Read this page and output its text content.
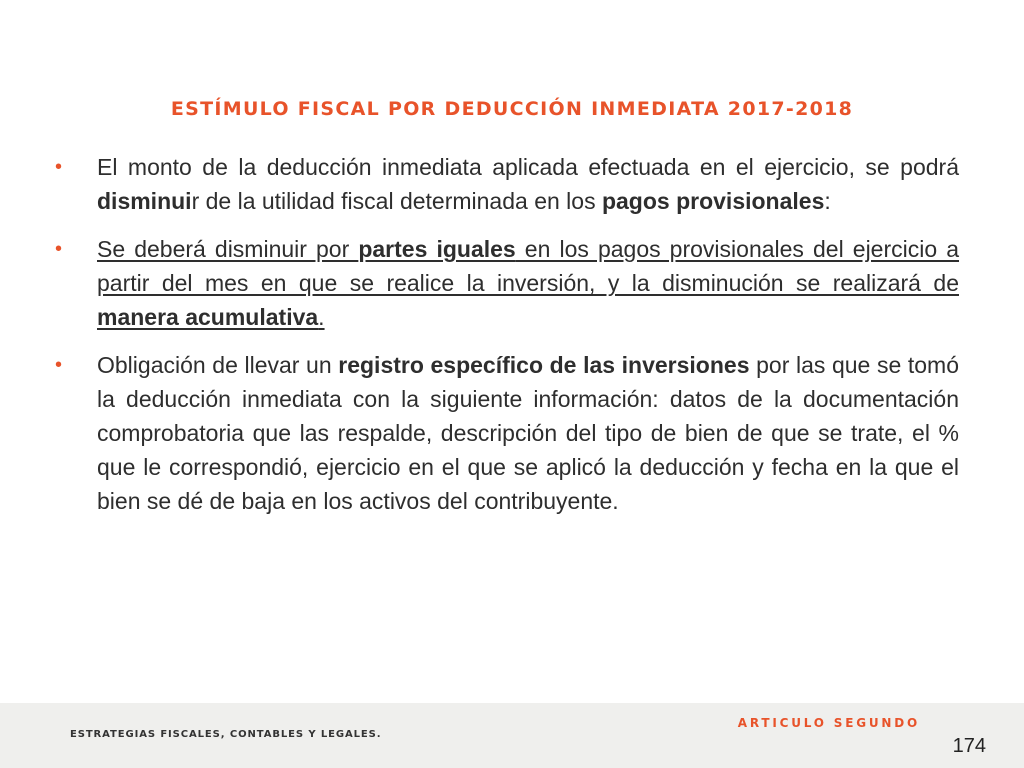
ESTÍMULO FISCAL POR DEDUCCIÓN INMEDIATA 2017-2018
• El monto de la deducción inmediata aplicada efectuada en el ejercicio, se podrá disminuir de la utilidad fiscal determinada en los pagos provisionales:
• Se deberá disminuir por partes iguales en los pagos provisionales del ejercicio a partir del mes en que se realice la inversión, y la disminución se realizará de manera acumulativa.
• Obligación de llevar un registro específico de las inversiones por las que se tomó la deducción inmediata con la siguiente información: datos de la documentación comprobatoria que las respalde, descripción del tipo de bien de que se trate, el % que le correspondió, ejercicio en el que se aplicó la deducción y fecha en la que el bien se dé de baja en los activos del contribuyente.
ESTRATEGIAS FISCALES, CONTABLES Y LEGALES.
ARTICULO SEGUNDO
174
